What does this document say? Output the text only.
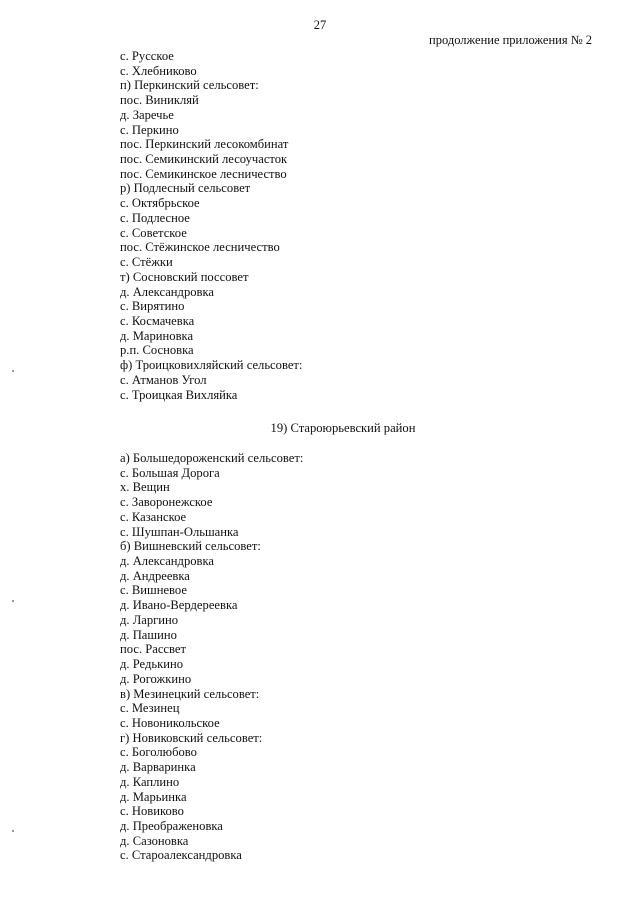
27
продолжение приложения № 2
с. Русское
с. Хлебниково
п) Перкинский сельсовет:
пос. Виникляй
д. Заречье
с. Перкино
пос. Перкинский лесокомбинат
пос. Семикинский лесоучасток
пос. Семикинское лесничество
р) Подлесный сельсовет
с. Октябрьское
с. Подлесное
с. Советское
пос. Стёжинское лесничество
с. Стёжки
т) Сосновский поссовет
д. Александровка
с. Вирятино
с. Космачевка
д. Мариновка
р.п. Сосновка
ф) Троицковихляйский сельсовет:
с. Атманов Угол
с. Троицкая Вихляйка
19) Староюрьевский район
а) Большедороженский сельсовет:
с. Большая Дорога
х. Вещин
с. Заворонежское
с. Казанское
с. Шушпан-Ольшанка
б) Вишневский сельсовет:
д. Александровка
д. Андреевка
с. Вишневое
д. Ивано-Вердереевка
д. Ларгино
д. Пашино
пос. Рассвет
д. Редькино
д. Рогожкино
в) Мезинецкий сельсовет:
с. Мезинец
с. Новоникольское
г) Новиковский сельсовет:
с. Боголюбово
д. Варваринка
д. Каплино
д. Марьинка
с. Новиково
д. Преображеновка
д. Сазоновка
с. Староалександровка
